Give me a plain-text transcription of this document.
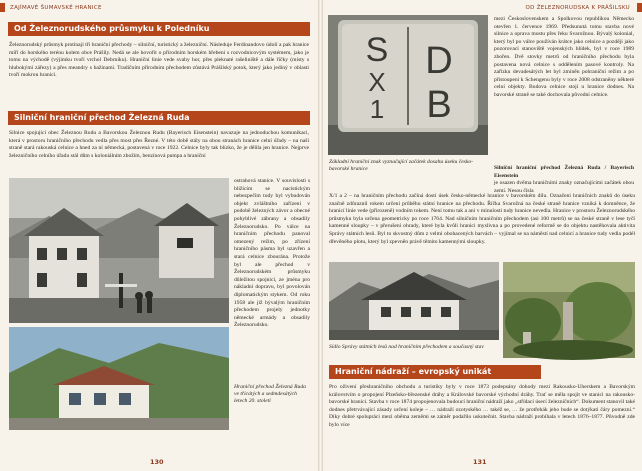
ZAJÍMAVÉ ŠUMAVSKÉ HRANICE
Od Železnorudského průsmyku k Poledníku

Železnorudský průsmyk protínají tři hraniční přechody – silniční, turistický a železniční. Následuje Ferdinandovo údolí a pak hranice míří do horského terénu kolem obce Prášily. Nedá se ale hovořit o přírodním horském hřebeni s rozvodnicovým systémem, jako je tomu na východě (výjimku tvoří vrchol Debrníku). Hraniční linie vede svahy hor, přes pleknaté rašeliniště a dále říčky (místy s hlubokými zářezy) a přes meandry s bažinami. Tradičním přírodním přechodem zůstává Prášilský potok, který jako jediný v oblasti tvoří mokrou hranici.

Silniční hraniční přechod Železná Ruda

Silnice spojující obec Železnou Rudu a Bavorskou Železnou Rudu (Bayerisch Eisenstein) navazuje na jednoduchou komunikaci, která v prostoru hraničního přechodu vedla přes most přes Řezné. V této době stály na obou stranách hranice celní úřady – na naší straně stará rakouská celnice a hned za ní německá, postavená v roce 1922. Celnice byly tak blízko, že je dělila jen hranice. Nejprve železničního celního úřadu stál dům s koloniálním zbožím, benzínová pumpa a hraniční

ostrahová stanice. V souvislosti s blížícím se nacistickým nebezpečím tudy byl vybudován objekt zvláštního zařízení v podobě železných závor a obecné pohyblivé zábrany a obsadily Železnorudsko. Po válce na hraničním přechodu panoval omezený režim, po zřízení hraničního pásma byl uzavřen a stará celnice zbourána. Protože byl ale přechod v Železnorudském průsmyku důležitou spojnicí, ze jména pro nákladní dopravu, byl povolován diplomatickým stykem. Od roku 1958 ale již bývalým hraničním přechodem projely jednotky německé armády a obsadily Železnorudsko.

Hraniční přechod Železná Ruda ve třicátých a sedmdesátých letech 20. století

130
OD ŽELEZNORUDSKA K PRÁŠILSKU
S
X
1
D
B

Základní hraniční znak vyznačující začátek dosahu úseku česko-bavorské hranice

mezi Československem a Spolkovou republikou Německo otevřen 1. července 1969. Předsunutá tomu stavba nové silnice a oprava mostu přes řeku Svarožnou. Bývalý kolonial, který byl po válce používán krátce jako celnice a později jako pozorovací stanoviště vojenských hlídek, byl v roce 1989 zbořen. Dvě stovky metrů od hraničního přechodu byla postavena nová celnice s oddělením pasové kontroly. Na zařízku devadesátých let byl zmíněn pohraniční režim a po přistoupení k Schengenu byly v roce 2008 odstraněny některé celní objekty. Budova celnice stojí u hranice dodnes. Na bavorské straně se také dochovala původní celnice.

Silniční hraniční přechod Železná Ruda / Bayerisch Eisenstein

je osazen dvěma hraničními znaky označujícími začátek obou zemí. Nesou čísla

X/1 a 2 – na hraničním přechodu začíná dosti úsek česko-německé hranice v bavorském dílu. Označení hraničních znaků do úseku značně zdůraznil rokem určení průběhu státní hranice na přechodu. Říčka Svarožná na české straně hranice vzniká k domněnce, že hranicí linie vede (přirozeně) vodním tokem. Není tomu tak a ani v minulosti tudy hranice nevedla. Hranice v prostoru Železnorudského průsmyku byla určena geometricky po roce 1764. Nad silničním hraničním přechodem (asi 100 metrů) se na české straně v lese tyčí kamenné sloupky – v přerušení ohrady, které byla kvůli hranici myslivna a po provedené reformě se do objektu nastěhovala aktivita Správy státních lesů. Byl to skvostný dům z velmi obohacených barvách – vyjímal se na náměstí nad celnicí a hranice tudy vedla podél dřevěného plotu, který byl zpevněn právě těmito kamennými sloupky.

Sídlo Správy státních lesů nad hraničním přechodem a současný stav

Hraniční nádraží – evropský unikát

Pro oživení přeshraničního obchodu a turistiky byly v roce 1873 podepsány dohody mezi Rakousko-Uherskem a Bavorským královstvím o propojení Plzeňsko-březenské dráhy a Královské bavorské východní dráhy. Trať se měla spojit ve stanici na rakousko-bavorské hranici. Stavba v roce 1874 propojenovala budoucí hraniční nádraží jako „střídací úsecí železničních“. Dokument stanovil také dodnes přetrvávající zásady určení koleje – … nádraží ozotyského … takéž se, … že protřehák jeho bude se dotýkati čáry pomezní.“ Díky dobré spolupráci mezi oběma zeměmi se záměr podařilo uskutečnit. Stavba nádraží probíhala v letech 1876–1877. Původně zde bylo více

131
